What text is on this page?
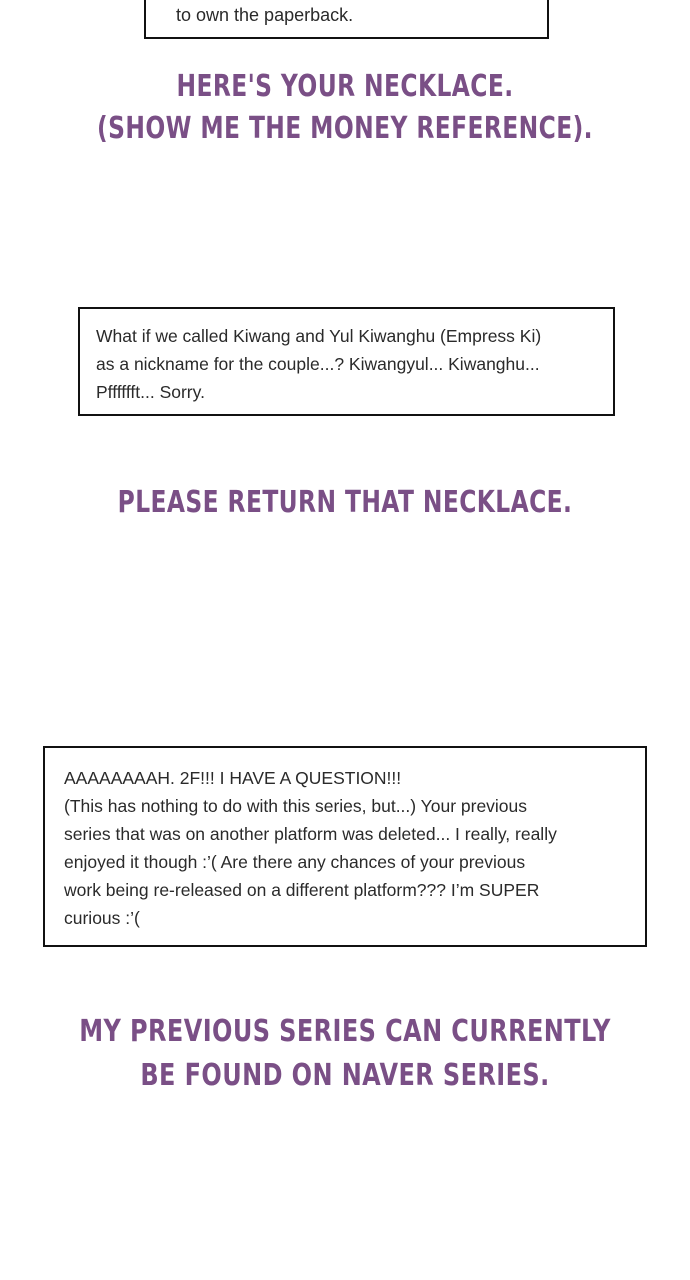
to own the paperback.

HERE'S YOUR NECKLACE.
(SHOW ME THE MONEY REFERENCE).

What if we called Kiwang and Yul Kiwanghu (Empress Ki)
as a nickname for the couple...? Kiwangyul... Kiwanghu...
Pfffffft... Sorry.

PLEASE RETURN THAT NECKLACE.

AAAAAAAAH. 2F!!! I HAVE A QUESTION!!!
(This has nothing to do with this series, but...) Your previous
series that was on another platform was deleted... I really, really
enjoyed it though :’( Are there any chances of your previous
work being re-released on a different platform??? I’m SUPER
curious :’(

MY PREVIOUS SERIES CAN CURRENTLY
BE FOUND ON NAVER SERIES.
